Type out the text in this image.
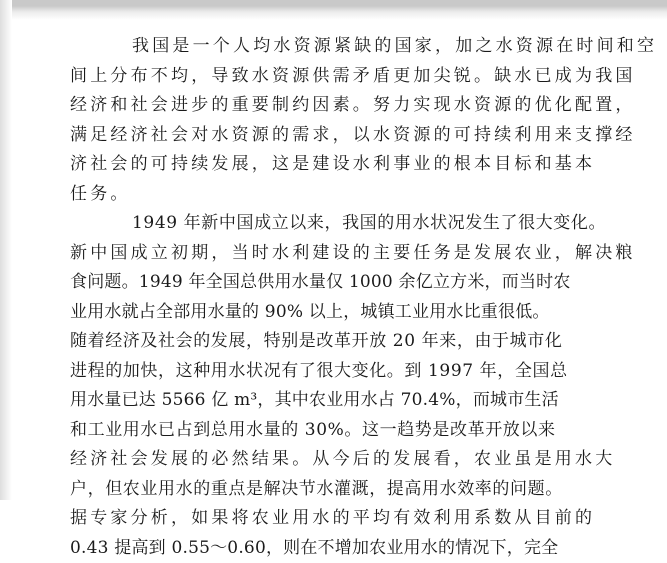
我国是一个人均水资源紧缺的国家，加之水资源在时间和空
间上分布不均，导致水资源供需矛盾更加尖锐。缺水已成为我国
经济和社会进步的重要制约因素。努力实现水资源的优化配置，
满足经济社会对水资源的需求，以水资源的可持续利用来支撑经
济社会的可持续发展，这是建设水利事业的根本目标和基本
任务。
1949 年新中国成立以来，我国的用水状况发生了很大变化。
新中国成立初期，当时水利建设的主要任务是发展农业，解决粮
食问题。1949 年全国总供用水量仅 1000 余亿立方米，而当时农
业用水就占全部用水量的 90% 以上，城镇工业用水比重很低。
随着经济及社会的发展，特别是改革开放 20 年来，由于城市化
进程的加快，这种用水状况有了很大变化。到 1997 年，全国总
用水量已达 5566 亿 m³，其中农业用水占 70.4%，而城市生活
和工业用水已占到总用水量的 30%。这一趋势是改革开放以来
经济社会发展的必然结果。从今后的发展看，农业虽是用水大
户，但农业用水的重点是解决节水灌溉，提高用水效率的问题。
据专家分析，如果将农业用水的平均有效利用系数从目前的
0.43 提高到 0.55～0.60，则在不增加农业用水的情况下，完全
